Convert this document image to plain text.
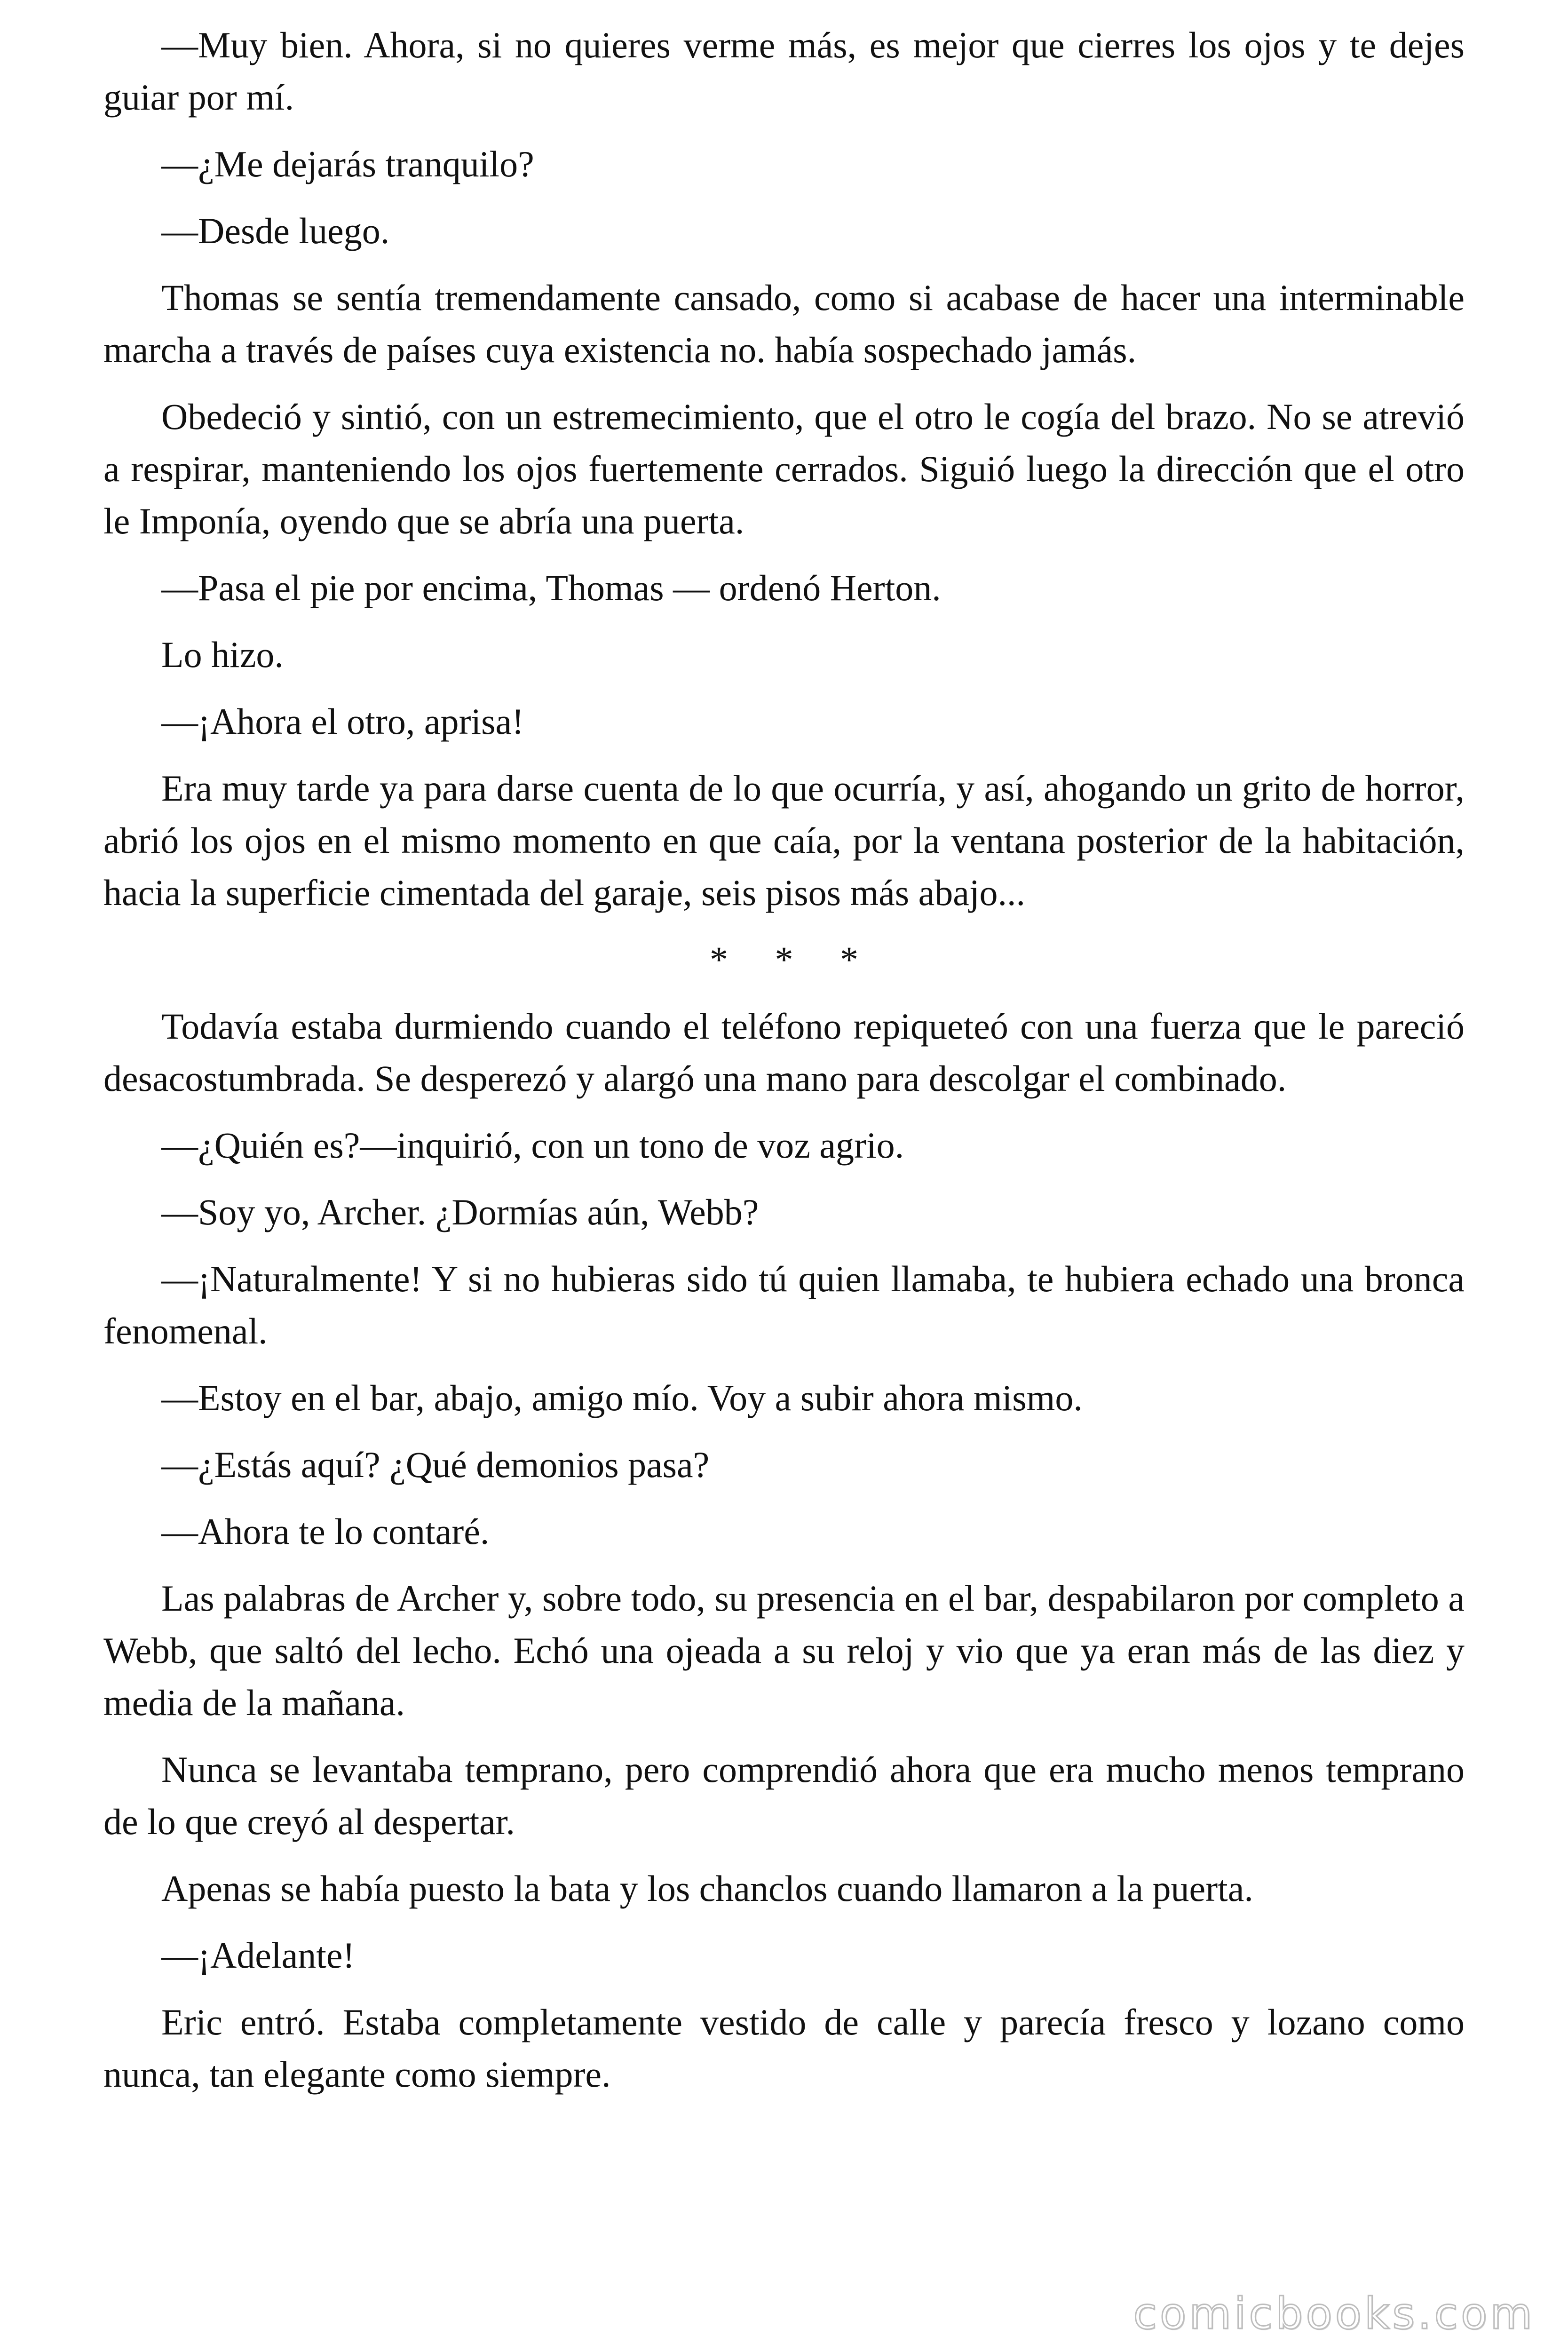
—Muy bien. Ahora, si no quieres verme más, es mejor que cierres los ojos y te dejes guiar por mí.

—¿Me dejarás tranquilo?

—Desde luego.

Thomas se sentía tremendamente cansado, como si acabase de hacer una interminable marcha a través de países cuya existencia no. había sospechado jamás.

Obedeció y sintió, con un estremecimiento, que el otro le cogía del brazo. No se atrevió a respirar, manteniendo los ojos fuertemente cerrados. Siguió luego la dirección que el otro le Imponía, oyendo que se abría una puerta.

—Pasa el pie por encima, Thomas — ordenó Herton.

Lo hizo.

—¡Ahora el otro, aprisa!

Era muy tarde ya para darse cuenta de lo que ocurría, y así, ahogando un grito de horror, abrió los ojos en el mismo momento en que caía, por la ventana posterior de la habitación, hacia la superficie cimentada del garaje, seis pisos más abajo...

* * *

Todavía estaba durmiendo cuando el teléfono repiqueteó con una fuerza que le pareció desacostumbrada. Se desperezó y alargó una mano para descolgar el combinado.

—¿Quién es?—inquirió, con un tono de voz agrio.

—Soy yo, Archer. ¿Dormías aún, Webb?

—¡Naturalmente! Y si no hubieras sido tú quien llamaba, te hubiera echado una bronca fenomenal.

—Estoy en el bar, abajo, amigo mío. Voy a subir ahora mismo.

—¿Estás aquí? ¿Qué demonios pasa?

—Ahora te lo contaré.

Las palabras de Archer y, sobre todo, su presencia en el bar, despabilaron por completo a Webb, que saltó del lecho. Echó una ojeada a su reloj y vio que ya eran más de las diez y media de la mañana.

Nunca se levantaba temprano, pero comprendió ahora que era mucho menos temprano de lo que creyó al despertar.

Apenas se había puesto la bata y los chanclos cuando llamaron a la puerta.

—¡Adelante!

Eric entró. Estaba completamente vestido de calle y parecía fresco y lozano como nunca, tan elegante como siempre.

comicbooks.com
